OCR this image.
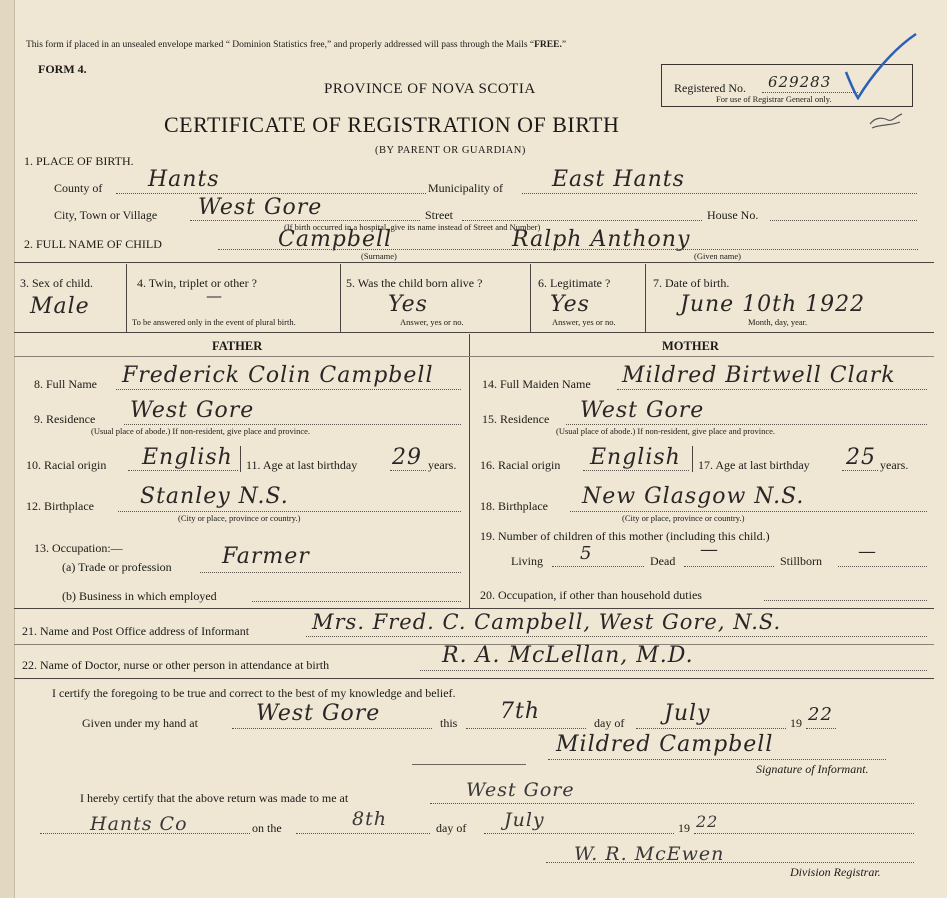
This form if placed in an unsealed envelope marked “ Dominion Statistics free,” and properly addressed will pass through the Mails “FREE.”
FORM 4.
PROVINCE OF NOVA SCOTIA
CERTIFICATE OF REGISTRATION OF BIRTH
(BY PARENT OR GUARDIAN)
Registered No. 629283
For use of Registrar General only.
1. PLACE OF BIRTH.
County of Hants	Municipality of East Hants
City, Town or Village West Gore	Street	House No.
(If birth occurred in a hospital, give its name instead of Street and Number)
2. FULL NAME OF CHILD	Campbell	Ralph Anthony
(Surname)	(Given name)
3. Sex of child.
Male
4. Twin, triplet or other ?
—
To be answered only in the event of plural birth.
5. Was the child born alive ?
Yes
Answer, yes or no.
6. Legitimate ?
Yes
Answer, yes or no.
7. Date of birth.
June 10th 1922
Month, day, year.
FATHER	MOTHER
8. Full Name Frederick Colin Campbell
9. Residence West Gore
(Usual place of abode.) If non-resident, give place and province.
10. Racial origin English 11. Age at last birthday 29 years.
12. Birthplace Stanley N.S.
(City or place, province or country.)
13. Occupation:—
(a) Trade or profession Farmer
(b) Business in which employed
14. Full Maiden Name Mildred Birtwell Clark
15. Residence West Gore
(Usual place of abode.) If non-resident, give place and province.
16. Racial origin English 17. Age at last birthday 25 years.
18. Birthplace New Glasgow N.S.
(City or place, province or country.)
19. Number of children of this mother (including this child.)
Living 5	Dead
—
Stillborn —
20. Occupation, if other than household duties
21. Name and Post Office address of Informant	Mrs. Fred. C. Campbell, West Gore, N.S.
22. Name of Doctor, nurse or other person in attendance at birth	R. A. McLellan, M.D.
I certify the foregoing to be true and correct to the best of my knowledge and belief.
Given under my hand at	West Gore	this 7th	day of July	19 22
Mildred Campbell
Signature of Informant.
I hereby certify that the above return was made to me at	West Gore
Hants Co	on the	8th	day of July	19 22
W. R. McEwen
Division Registrar.
